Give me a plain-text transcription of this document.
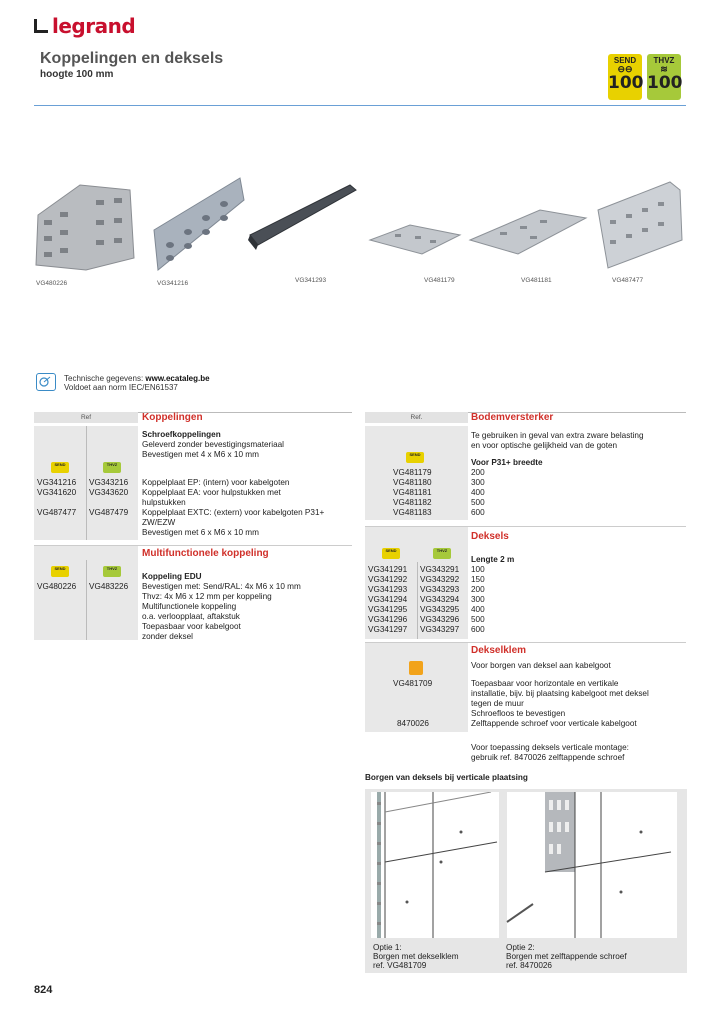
legrand
Koppelingen en deksels
hoogte 100 mm
SEND
⊖⊖
100
THVZ
≋
100
VG480226	VG341216	VG341293	VG481179	VG481181	VG487477
Technische gegevens: www.ecataleg.be
Voldoet aan norm IEC/EN61537
Ref	Koppelingen
Schroefkoppelingen
Geleverd zonder bevestigingsmateriaal
Bevestigen met 4 x M6 x 10 mm
SEND	THVZ
VG341216 VG343216 Koppelplaat EP: (intern) voor kabelgoten
VG341620 VG343620 Koppelplaat EA: voor hulpstukken met
hulpstukken
VG487477 VG487479 Koppelplaat EXTC: (extern) voor kabelgoten P31+
ZW/EZW
Bevestigen met 6 x M6 x 10 mm
Multifunctionele koppeling
SEND	THVZ
Koppeling EDU
VG480226 VG483226 Bevestigen met: Send/RAL: 4x M6 x 10 mm
Thvz: 4x M6 x 12 mm per koppeling
Multifunctionele koppeling
o.a. verloopplaat, aftakstuk
Toepasbaar voor kabelgoot
zonder deksel
Ref.	Bodemversterker
Te gebruiken in geval van extra zware belasting
en voor optische gelijkheid van de goten
SEND
Voor P31+ breedte
VG481179	200
VG481180	300
VG481181	400
VG481182	500
VG481183	600
Deksels
SEND	THVZ
Lengte 2 m
VG341291 VG343291 100
VG341292 VG343292 150
VG341293 VG343293 200
VG341294 VG343294 300
VG341295 VG343295 400
VG341296 VG343296 500
VG341297 VG343297 600
Dekselklem
Voor borgen van deksel aan kabelgoot
VG481709	Toepasbaar voor horizontale en vertikale
installatie, bijv. bij plaatsing kabelgoot met deksel
tegen de muur
Schroefloos te bevestigen
8470026	Zelftappende schroef voor verticale kabelgoot
Voor toepassing deksels verticale montage:
gebruik ref. 8470026 zelftappende schroef
Borgen van deksels bij verticale plaatsing
Optie 1:
Borgen met dekselklem
ref. VG481709
Optie 2:
Borgen met zelftappende schroef
ref. 8470026
824
